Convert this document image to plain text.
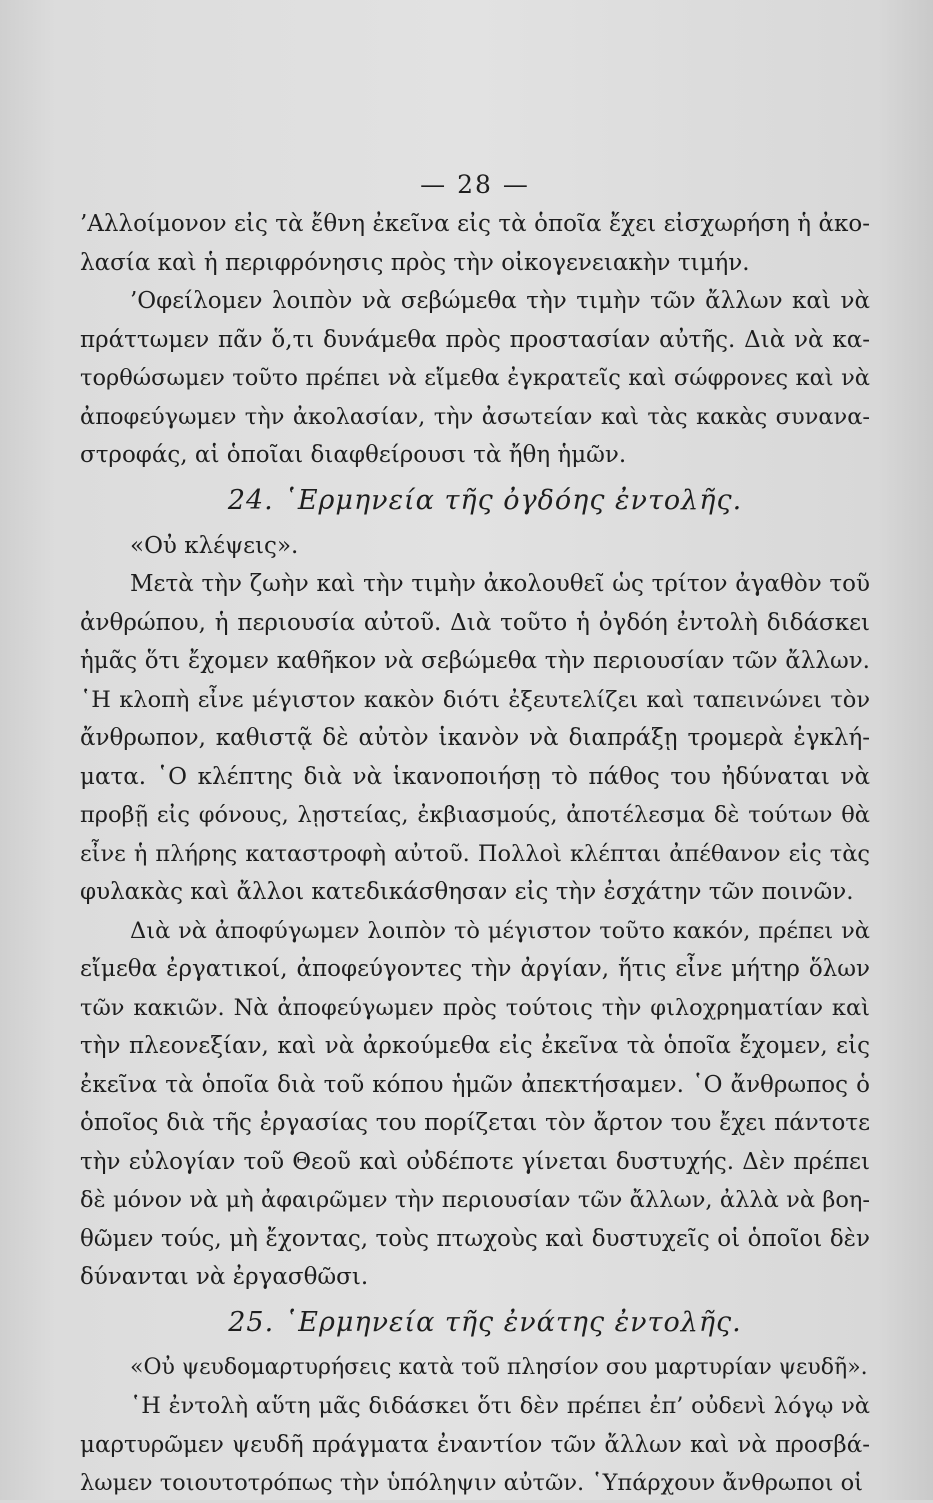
— 28 —
’Αλλοίμονον εἰς τὰ ἔθνη ἐκεῖνα εἰς τὰ ὁποῖα ἔχει εἰσχωρήση ἡ ἀκο-
λασία καὶ ἡ περιφρόνησις πρὸς τὴν οἰκογενειακὴν τιμήν.
’Οφείλομεν λοιπὸν νὰ σεβώμεθα τὴν τιμὴν τῶν ἄλλων καὶ νὰ
πράττωμεν πᾶν ὅ,τι δυνάμεθα πρὸς προστασίαν αὐτῆς. Διὰ νὰ κα-
τορθώσωμεν τοῦτο πρέπει νὰ εἴμεθα ἐγκρατεῖς καὶ σώφρονες καὶ νὰ
ἀποφεύγωμεν τὴν ἀκολασίαν, τὴν ἀσωτείαν καὶ τὰς κακὰς συνανα-
στροφάς, αἱ ὁποῖαι διαφθείρουσι τὰ ἤθη ἡμῶν.
24. ῾Ερμηνεία τῆς ὀγδόης ἐντολῆς.
«Οὐ κλέψεις».
Μετὰ τὴν ζωὴν καὶ τὴν τιμὴν ἀκολουθεῖ ὡς τρίτον ἀγαθὸν τοῦ
ἀνθρώπου, ἡ περιουσία αὐτοῦ. Διὰ τοῦτο ἡ ὀγδόη ἐντολὴ διδάσκει
ἡμᾶς ὅτι ἔχομεν καθῆκον νὰ σεβώμεθα τὴν περιουσίαν τῶν ἄλλων.
῾Η κλοπὴ εἶνε μέγιστον κακὸν διότι ἐξευτελίζει καὶ ταπεινώνει τὸν
ἄνθρωπον, καθιστᾷ δὲ αὐτὸν ἱκανὸν νὰ διαπράξῃ τρομερὰ ἐγκλή-
ματα. ῾Ο κλέπτης διὰ νὰ ἱκανοποιήσῃ τὸ πάθος του ἠδύναται νὰ
προβῇ εἰς φόνους, λῃστείας, ἐκβιασμούς, ἀποτέλεσμα δὲ τούτων θὰ
εἶνε ἡ πλήρης καταστροφὴ αὐτοῦ. Πολλοὶ κλέπται ἀπέθανον εἰς τὰς
φυλακὰς καὶ ἄλλοι κατεδικάσθησαν εἰς τὴν ἐσχάτην τῶν ποινῶν.
Διὰ νὰ ἀποφύγωμεν λοιπὸν τὸ μέγιστον τοῦτο κακόν, πρέπει νὰ
εἴμεθα ἐργατικοί, ἀποφεύγοντες τὴν ἀργίαν, ἥτις εἶνε μήτηρ ὅλων
τῶν κακιῶν. Νὰ ἀποφεύγωμεν πρὸς τούτοις τὴν φιλοχρηματίαν καὶ
τὴν πλεονεξίαν, καὶ νὰ ἀρκούμεθα εἰς ἐκεῖνα τὰ ὁποῖα ἔχομεν, εἰς
ἐκεῖνα τὰ ὁποῖα διὰ τοῦ κόπου ἡμῶν ἀπεκτήσαμεν. ῾Ο ἄνθρωπος ὁ
ὁποῖος διὰ τῆς ἐργασίας του πορίζεται τὸν ἄρτον του ἔχει πάντοτε
τὴν εὐλογίαν τοῦ Θεοῦ καὶ οὐδέποτε γίνεται δυστυχής. Δὲν πρέπει
δὲ μόνον νὰ μὴ ἀφαιρῶμεν τὴν περιουσίαν τῶν ἄλλων, ἀλλὰ νὰ βοη-
θῶμεν τούς, μὴ ἔχοντας, τοὺς πτωχοὺς καὶ δυστυχεῖς οἱ ὁποῖοι δὲν
δύνανται νὰ ἐργασθῶσι.
25. ῾Ερμηνεία τῆς ἐνάτης ἐντολῆς.
«Οὐ ψευδομαρτυρήσεις κατὰ τοῦ πλησίον σου μαρτυρίαν ψευδῆ».
῾Η ἐντολὴ αὕτη μᾶς διδάσκει ὅτι δὲν πρέπει ἐπ’ οὐδενὶ λόγῳ νὰ
μαρτυρῶμεν ψευδῆ πράγματα ἐναντίον τῶν ἄλλων καὶ νὰ προσβά-
λωμεν τοιουτοτρόπως τὴν ὑπόληψιν αὐτῶν. ῾Υπάρχουν ἄνθρωποι οἱ
